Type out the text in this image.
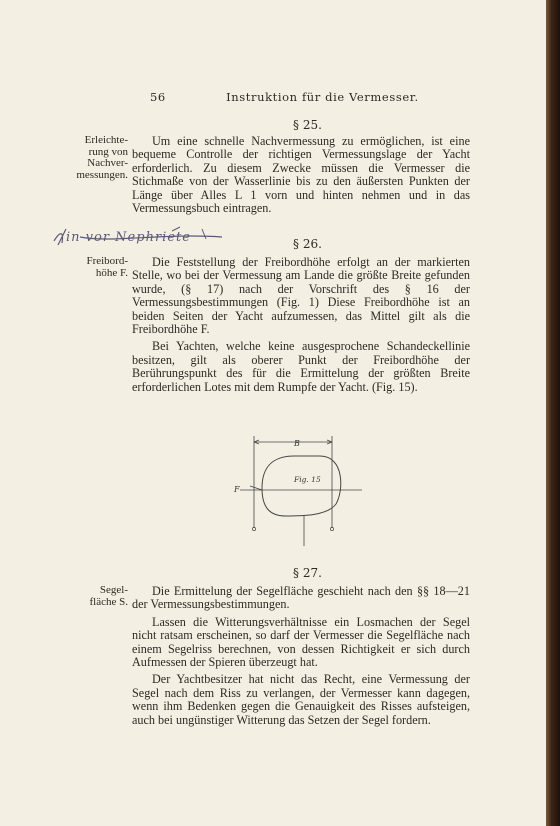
56	Instruktion für die Vermesser.
§ 25.
Erleichte-
rung von
Nachver-
messungen.

Um eine schnelle Nachvermessung zu ermöglichen, ist eine bequeme Controlle der richtigen Vermessungslage der Yacht erforderlich. Zu diesem Zwecke müssen die Vermesser die Stichmaße von der Wasserlinie bis zu den äußersten Punkten der Länge über Alles L 1 vorn und hinten nehmen und in das Vermessungsbuch eintragen.

in vor Nephriete	§ 26.
Freibord-
höhe F.

Die Feststellung der Freibordhöhe erfolgt an der markierten Stelle, wo bei der Vermessung am Lande die größte Breite gefunden wurde, (§ 17) nach der Vorschrift des § 16 der Vermessungsbestimmungen (Fig. 1) Diese Freibordhöhe ist an beiden Seiten der Yacht aufzumessen, das Mittel gilt als die Freibordhöhe F.

Bei Yachten, welche keine ausgesprochene Schandeckellinie besitzen, gilt als oberer Punkt der Freibordhöhe der Berührungspunkt des für die Ermittelung der größten Breite erforderlichen Lotes mit dem Rumpfe der Yacht. (Fig. 15).

B
F
Fig. 15
§ 27.
Segel-
fläche S.

Die Ermittelung der Segelfläche geschieht nach den §§ 18—21 der Vermessungsbestimmungen.

Lassen die Witterungsverhältnisse ein Losmachen der Segel nicht ratsam erscheinen, so darf der Vermesser die Segelfläche nach einem Segelriss berechnen, von dessen Richtigkeit er sich durch Aufmessen der Spieren überzeugt hat.

Der Yachtbesitzer hat nicht das Recht, eine Vermessung der Segel nach dem Riss zu verlangen, der Vermesser kann dagegen, wenn ihm Bedenken gegen die Genauigkeit des Risses aufsteigen, auch bei ungünstiger Witterung das Setzen der Segel fordern.
